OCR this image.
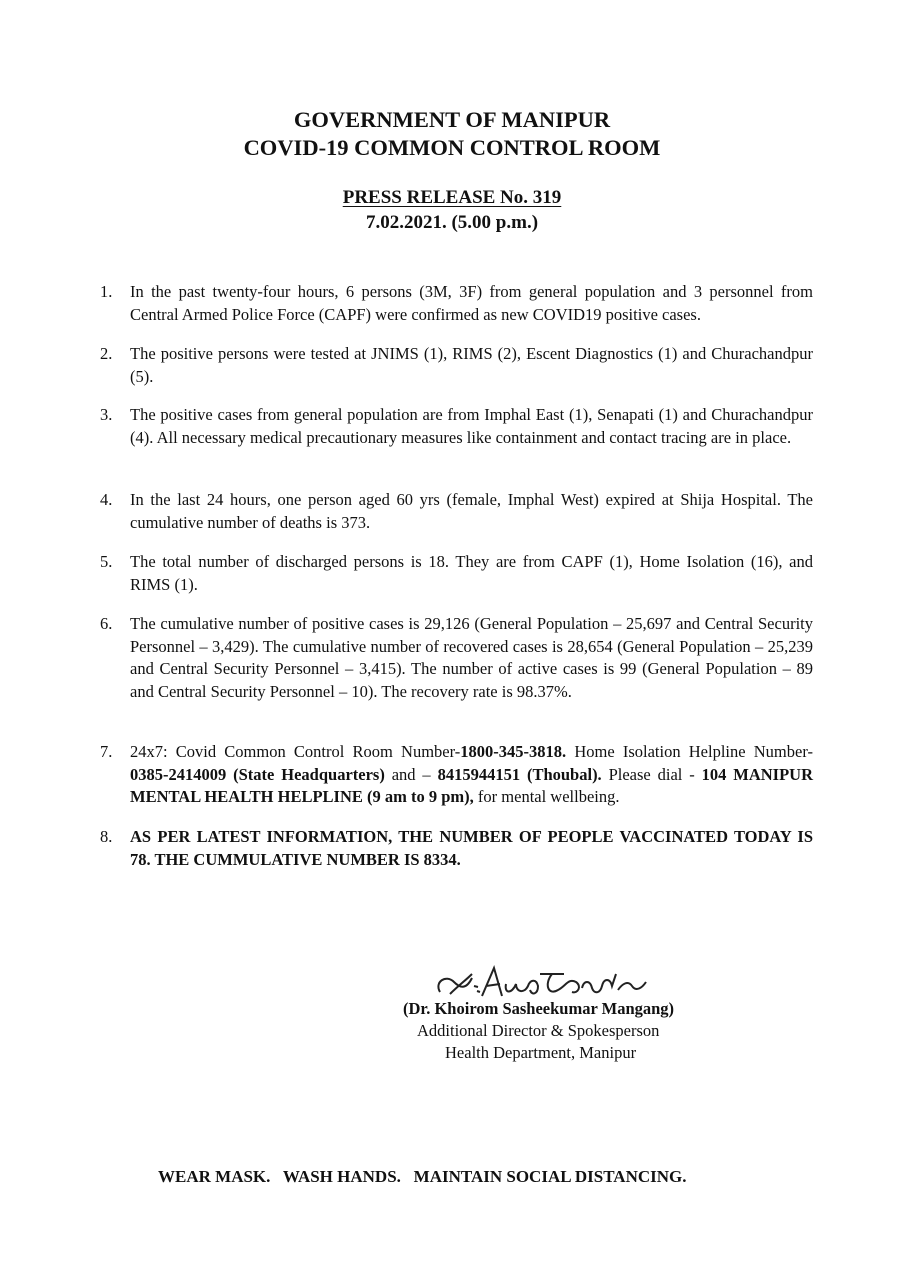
GOVERNMENT OF MANIPUR
COVID-19 COMMON CONTROL ROOM
PRESS RELEASE No. 319
7.02.2021. (5.00 p.m.)
1.	In the past twenty-four hours, 6 persons (3M, 3F) from general population and 3 personnel from Central Armed Police Force (CAPF) were confirmed as new COVID19 positive cases.
2.	The positive persons were tested at JNIMS (1), RIMS (2), Escent Diagnostics (1) and Churachandpur (5).
3.	The positive cases from general population are from Imphal East (1), Senapati (1) and Churachandpur (4). All necessary medical precautionary measures like containment and contact tracing are in place.
4.	In the last 24 hours, one person aged 60 yrs (female, Imphal West) expired at Shija Hospital. The cumulative number of deaths is 373.
5.	The total number of discharged persons is 18. They are from CAPF (1), Home Isolation (16), and RIMS (1).
6.	The cumulative number of positive cases is 29,126 (General Population – 25,697 and Central Security Personnel – 3,429). The cumulative number of recovered cases is 28,654 (General Population – 25,239 and Central Security Personnel – 3,415). The number of active cases is 99 (General Population – 89 and Central Security Personnel – 10). The recovery rate is 98.37%.
7.	24x7: Covid Common Control Room Number-1800-345-3818. Home Isolation Helpline Number- 0385-2414009 (State Headquarters) and – 8415944151 (Thoubal). Please dial - 104 MANIPUR MENTAL HEALTH HELPLINE (9 am to 9 pm), for mental wellbeing.
8.	AS PER LATEST INFORMATION, THE NUMBER OF PEOPLE VACCINATED TODAY IS 78. THE CUMMULATIVE NUMBER IS 8334.
(Dr. Khoirom Sasheekumar Mangang)
Additional Director & Spokesperson
Health Department, Manipur
WEAR MASK.   WASH HANDS.   MAINTAIN SOCIAL DISTANCING.
